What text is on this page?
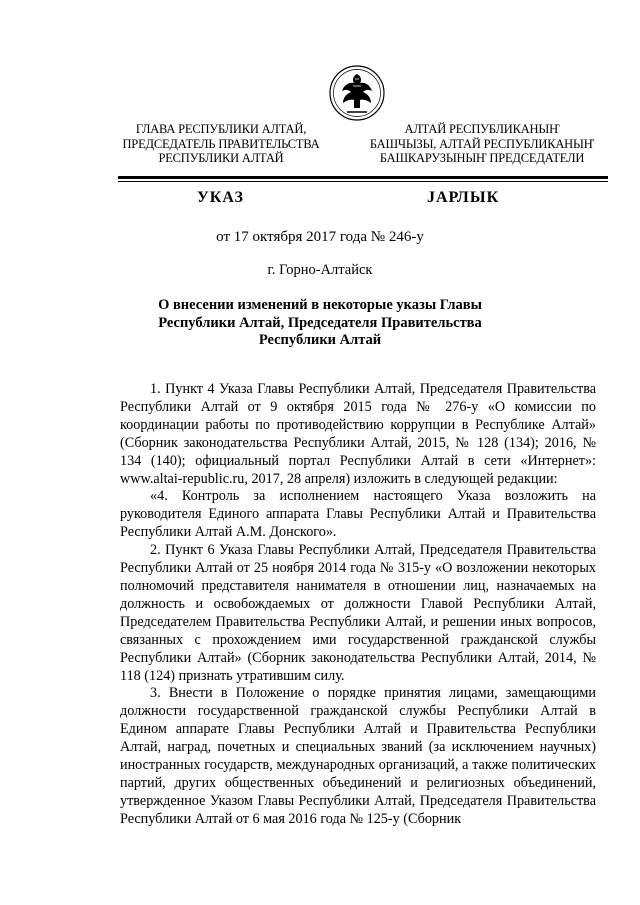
ГЛАВА РЕСПУБЛИКИ АЛТАЙ,
ПРЕДСЕДАТЕЛЬ ПРАВИТЕЛЬСТВА
РЕСПУБЛИКИ АЛТАЙ
АЛТАЙ РЕСПУБЛИКАНЫҤ
БАШЧЫЗЫ, АЛТАЙ РЕСПУБЛИКАНЫҤ
БАШКАРУЗЫНЫҤ ПРЕДСЕДАТЕЛИ
УКАЗ	JАРЛЫК
от 17 октября 2017 года № 246-у
г. Горно-Алтайск
О внесении изменений в некоторые указы Главы
Республики Алтай, Председателя Правительства
Республики Алтай

1. Пункт 4 Указа Главы Республики Алтай, Председателя Правительства Республики Алтай от 9 октября 2015 года № 276-у «О комиссии по координации работы по противодействию коррупции в Республике Алтай» (Сборник законодательства Республики Алтай, 2015, № 128 (134); 2016, № 134 (140); официальный портал Республики Алтай в сети «Интернет»: www.altai-republic.ru, 2017, 28 апреля) изложить в следующей редакции:

«4. Контроль за исполнением настоящего Указа возложить на руководителя Единого аппарата Главы Республики Алтай и Правительства Республики Алтай А.М. Донского».

2. Пункт 6 Указа Главы Республики Алтай, Председателя Правительства Республики Алтай от 25 ноября 2014 года № 315-у «О возложении некоторых полномочий представителя нанимателя в отношении лиц, назначаемых на должность и освобождаемых от должности Главой Республики Алтай, Председателем Правительства Республики Алтай, и решении иных вопросов, связанных с прохождением ими государственной гражданской службы Республики Алтай» (Сборник законодательства Республики Алтай, 2014, № 118 (124) признать утратившим силу.

3. Внести в Положение о порядке принятия лицами, замещающими должности государственной гражданской службы Республики Алтай в Едином аппарате Главы Республики Алтай и Правительства Республики Алтай, наград, почетных и специальных званий (за исключением научных) иностранных государств, международных организаций, а также политических партий, других общественных объединений и религиозных объединений, утвержденное Указом Главы Республики Алтай, Председателя Правительства Республики Алтай от 6 мая 2016 года № 125-у (Сборник
